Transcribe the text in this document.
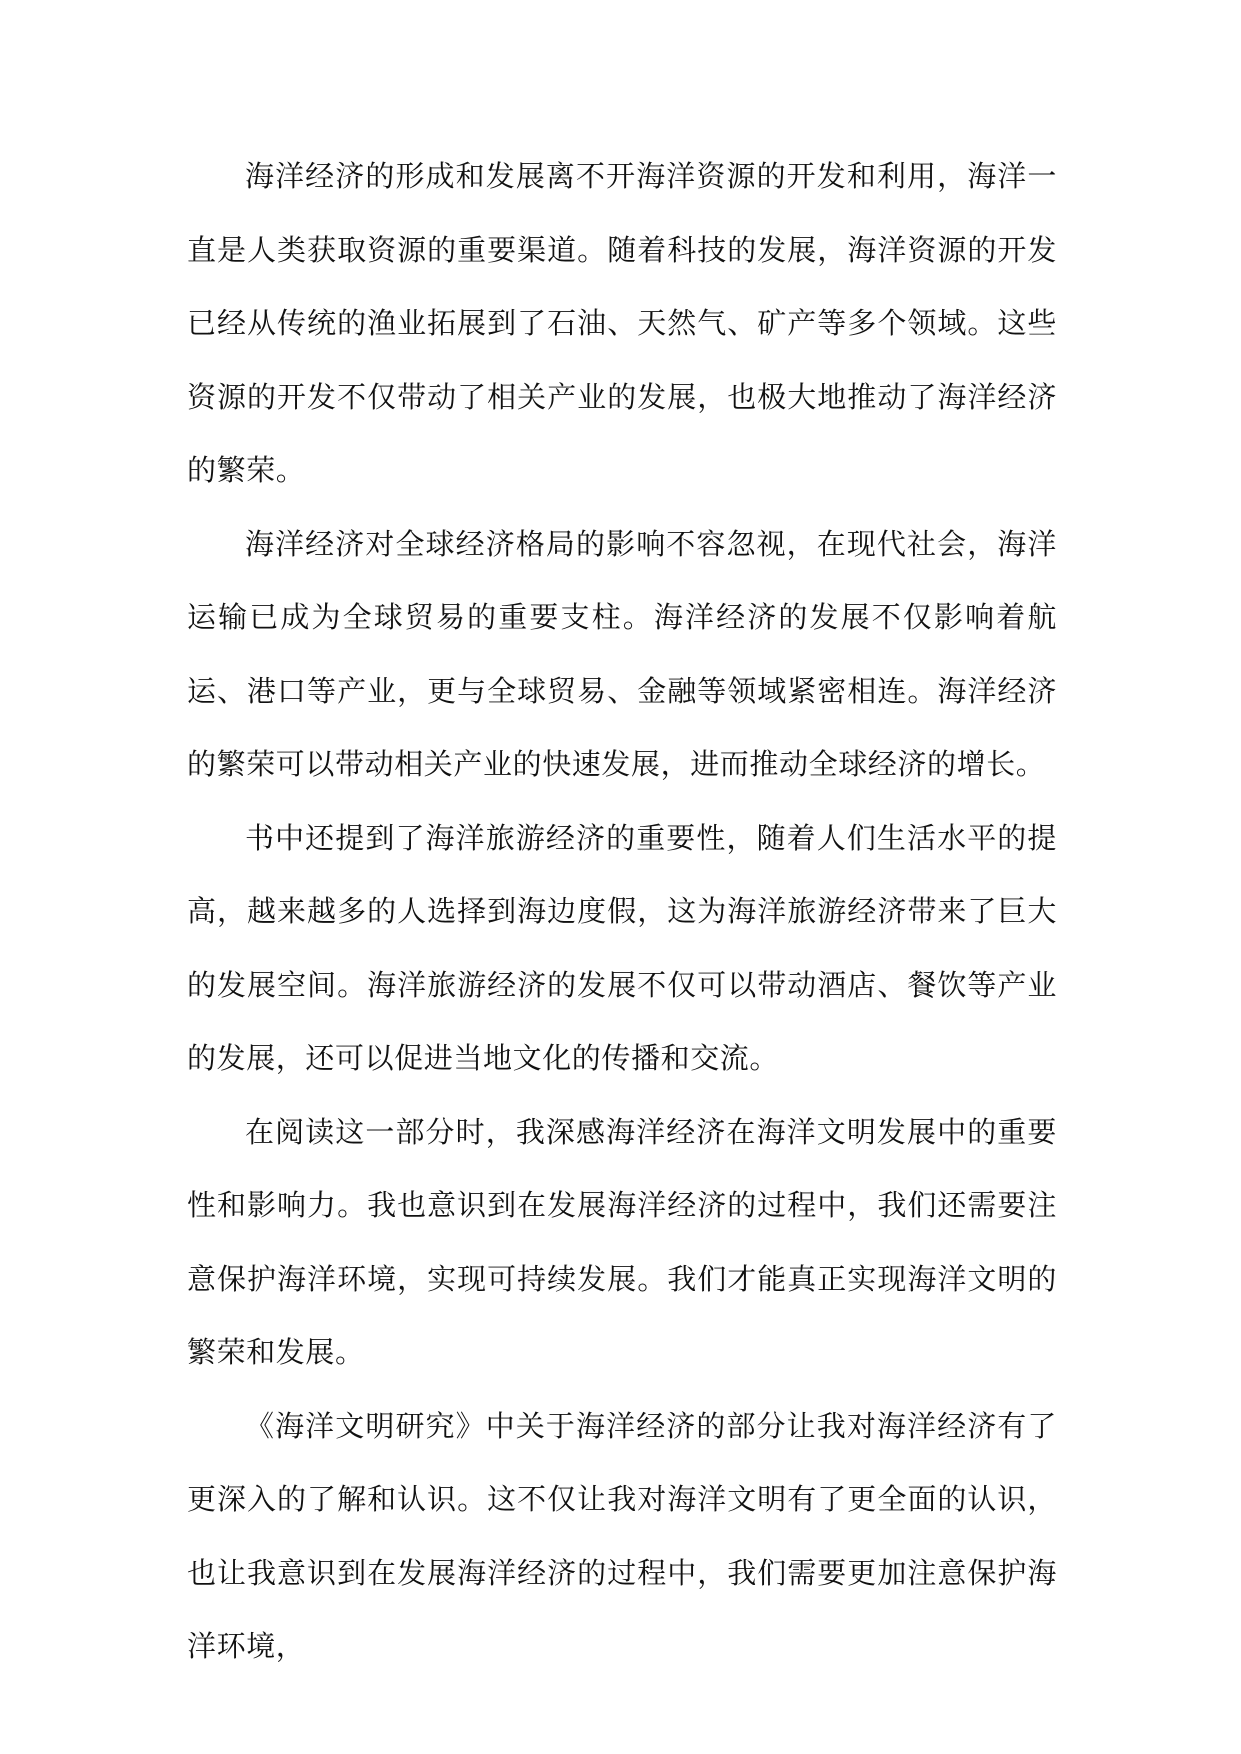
海洋经济的形成和发展离不开海洋资源的开发和利用，海洋一直是人类获取资源的重要渠道。随着科技的发展，海洋资源的开发已经从传统的渔业拓展到了石油、天然气、矿产等多个领域。这些资源的开发不仅带动了相关产业的发展，也极大地推动了海洋经济的繁荣。

海洋经济对全球经济格局的影响不容忽视，在现代社会，海洋运输已成为全球贸易的重要支柱。海洋经济的发展不仅影响着航运、港口等产业，更与全球贸易、金融等领域紧密相连。海洋经济的繁荣可以带动相关产业的快速发展，进而推动全球经济的增长。

书中还提到了海洋旅游经济的重要性，随着人们生活水平的提高，越来越多的人选择到海边度假，这为海洋旅游经济带来了巨大的发展空间。海洋旅游经济的发展不仅可以带动酒店、餐饮等产业的发展，还可以促进当地文化的传播和交流。

在阅读这一部分时，我深感海洋经济在海洋文明发展中的重要性和影响力。我也意识到在发展海洋经济的过程中，我们还需要注意保护海洋环境，实现可持续发展。我们才能真正实现海洋文明的繁荣和发展。

《海洋文明研究》中关于海洋经济的部分让我对海洋经济有了更深入的了解和认识。这不仅让我对海洋文明有了更全面的认识，也让我意识到在发展海洋经济的过程中，我们需要更加注意保护海洋环境，
